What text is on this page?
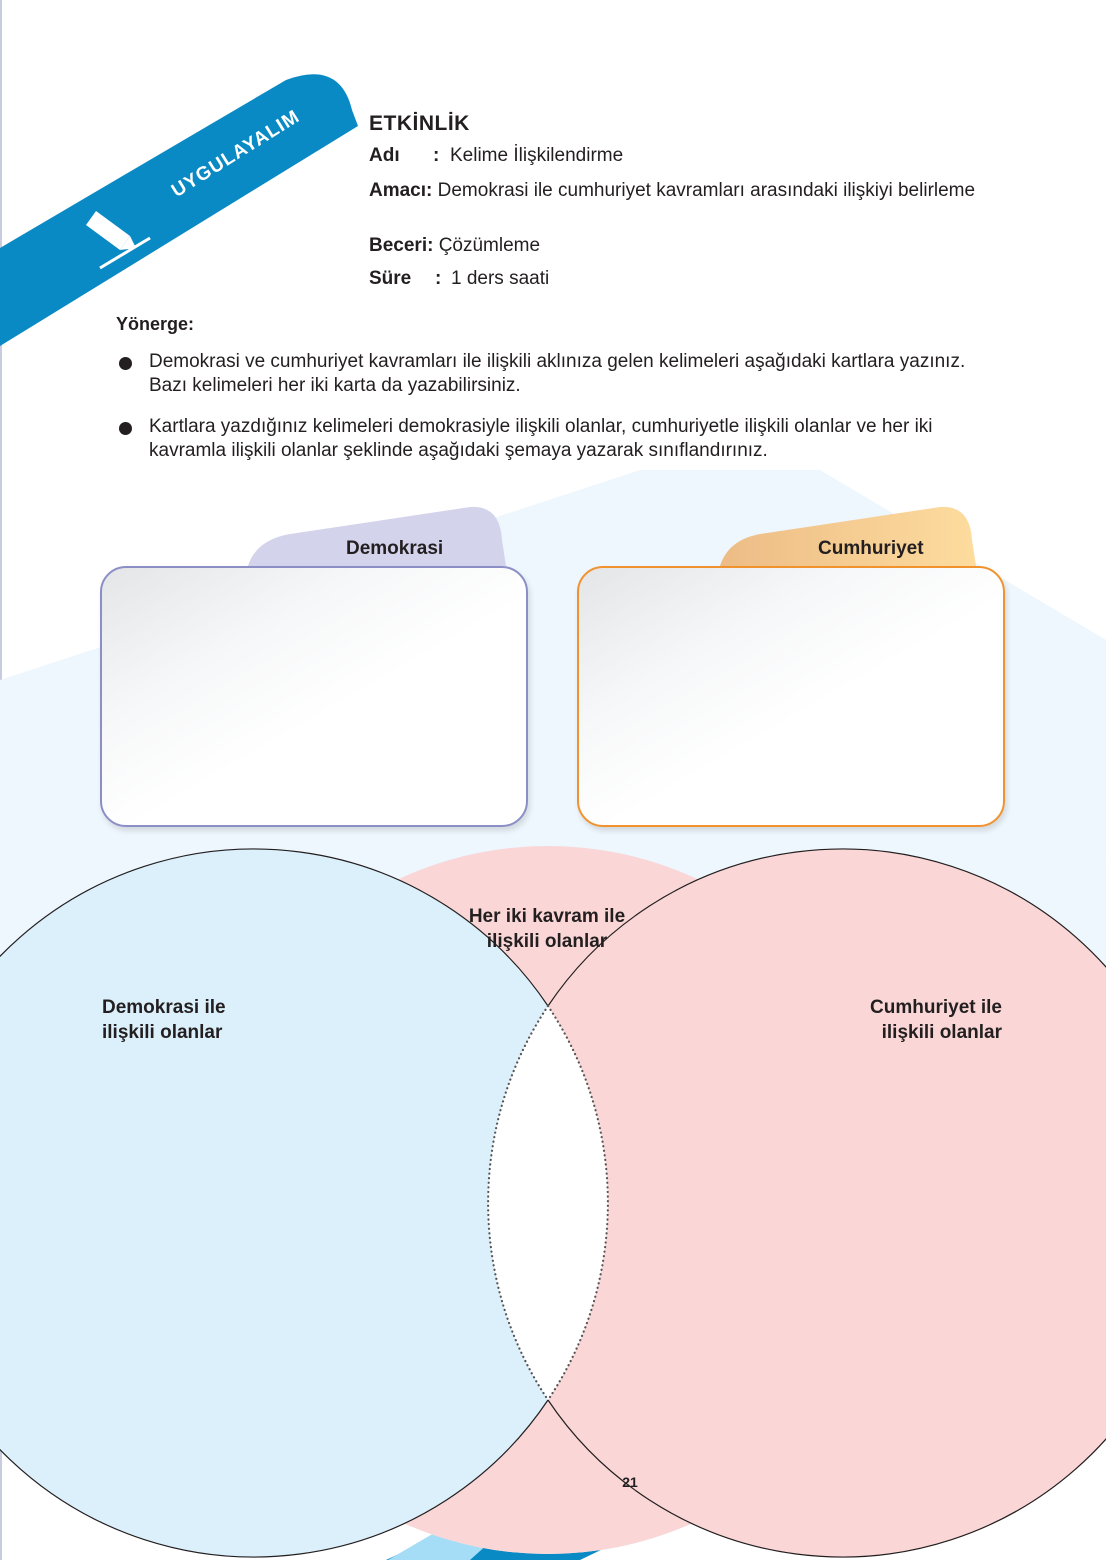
UYGULAYALIM	ETKİNLİK
Adı : Kelime İlişkilendirme
Amacı: Demokrasi ile cumhuriyet kavramları arasındaki ilişkiyi belirleme
Beceri: Çözümleme
Süre : 1 ders saati
Yönerge:
Demokrasi ve cumhuriyet kavramları ile ilişkili aklınıza gelen kelimeleri aşağıdaki kartlara yazınız. Bazı kelimeleri her iki karta da yazabilirsiniz.
Kartlara yazdığınız kelimeleri demokrasiyle ilişkili olanlar, cumhuriyetle ilişkili olanlar ve her iki kavramla ilişkili olanlar şeklinde aşağıdaki şemaya yazarak sınıflandırınız.
Demokrasi	Cumhuriyet
Her iki kavram ile
ilişkili olanlar
Demokrasi ile
ilişkili olanlar
Cumhuriyet ile
ilişkili olanlar
21
